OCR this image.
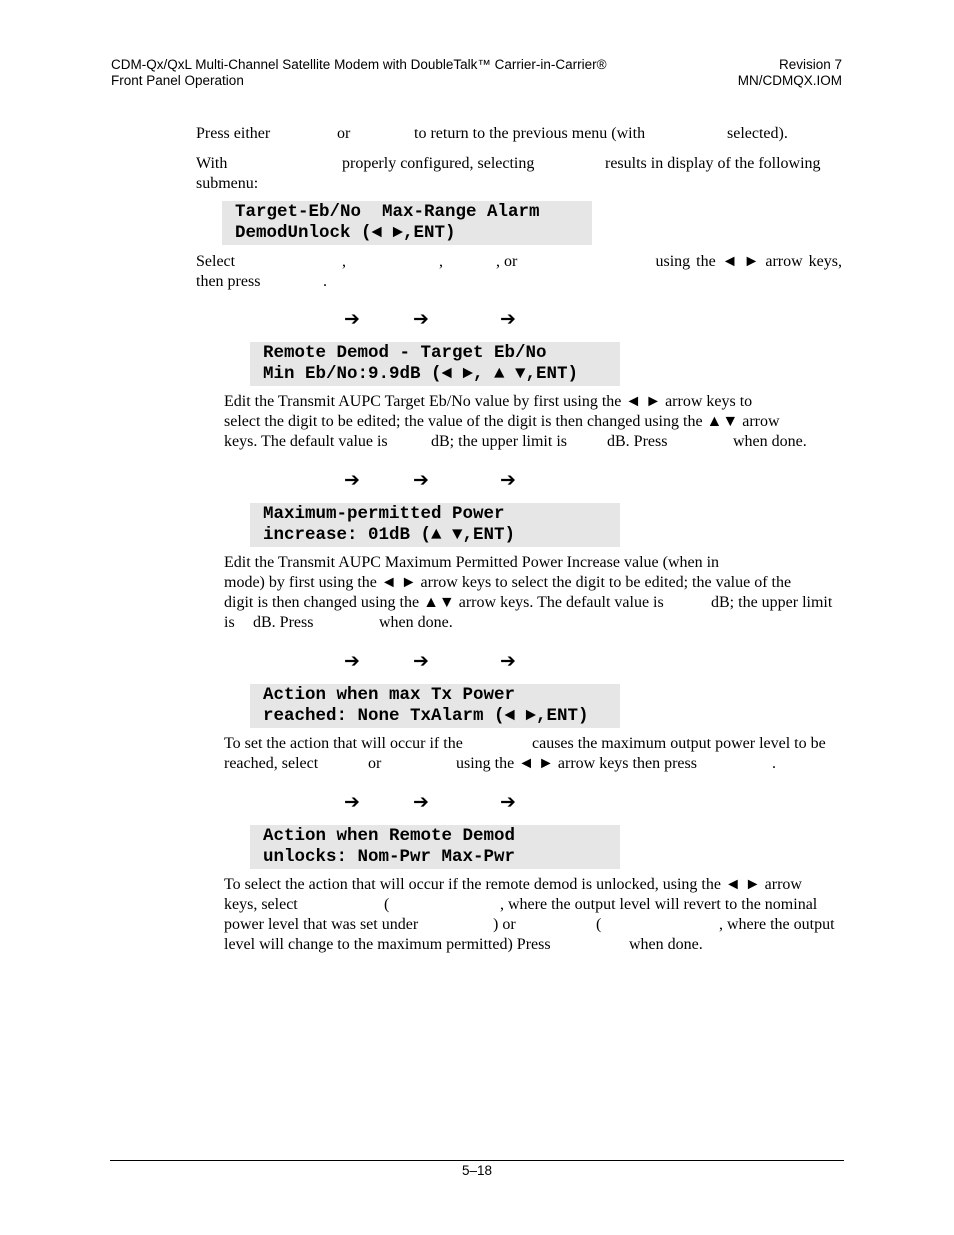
CDM-Qx/QxL Multi-Channel Satellite Modem with DoubleTalk™ Carrier-in-Carrier®
Front Panel Operation
Revision 7
MN/CDMQX.IOM
Press either	or	to return to the previous menu (with	selected).
With	properly configured, selecting	results in display of the following
submenu:
Target-Eb/No  Max-Range Alarm
DemodUnlock (◄ ►,ENT)
Select	,	,	, or	using the ◄ ► arrow keys,
then press	.
➔	➔	➔
Remote Demod - Target Eb/No
Min Eb/No:9.9dB (◄ ►, ▲ ▼,ENT)
Edit the Transmit AUPC Target Eb/No value by first using the ◄ ► arrow keys to
select the digit to be edited; the value of the digit is then changed using the ▲▼ arrow
keys. The default value is	dB; the upper limit is	dB. Press	when done.
➔	➔	➔
Maximum-permitted Power
increase: 01dB (▲ ▼,ENT)
Edit the Transmit AUPC Maximum Permitted Power Increase value (when in
mode) by first using the ◄ ► arrow keys to select the digit to be edited; the value of the
digit is then changed using the ▲▼ arrow keys. The default value is	dB; the upper limit
is dB. Press	when done.
➔	➔	➔
Action when max Tx Power
reached: None TxAlarm (◄ ►,ENT)
To set the action that will occur if the	causes the maximum output power level to be
reached, select	or	using the ◄ ► arrow keys then press	.
➔	➔	➔
Action when Remote Demod
unlocks: Nom-Pwr Max-Pwr
To select the action that will occur if the remote demod is unlocked, using the ◄ ► arrow
keys, select	(	, where the output level will revert to the nominal
power level that was set under	) or	(	, where the output
level will change to the maximum permitted) Press	when done.
5–18
